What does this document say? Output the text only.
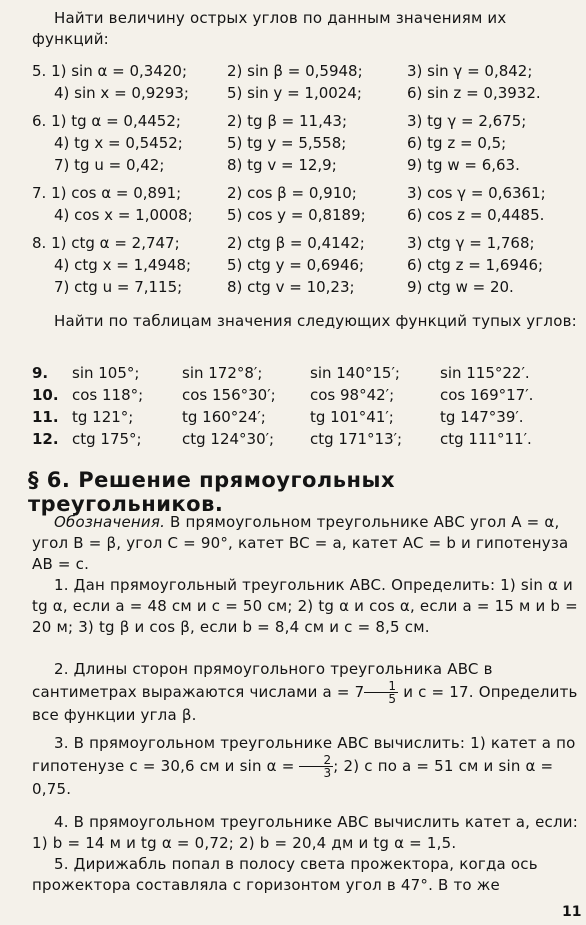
Найти величину острых углов по данным значениям их функций:
5. 1) sin α = 0,3420;	2) sin β = 0,5948;	3) sin γ = 0,842;
4) sin x = 0,9293;	5) sin y = 1,0024;	6) sin z = 0,3932.
6. 1) tg α = 0,4452;	2) tg β = 11,43;	3) tg γ = 2,675;
4) tg x = 0,5452;	5) tg y = 5,558;	6) tg z = 0,5;
7) tg u = 0,42;	8) tg v = 12,9;	9) tg w = 6,63.
7. 1) cos α = 0,891;	2) cos β = 0,910;	3) cos γ = 0,6361;
4) cos x = 1,0008; 5) cos y = 0,8189;	6) cos z = 0,4485.
8. 1) ctg α = 2,747;	2) ctg β = 0,4142;	3) ctg γ = 1,768;
4) ctg x = 1,4948; 5) ctg y = 0,6946;	6) ctg z = 1,6946;
7) ctg u = 7,115;	8) ctg v = 10,23;	9) ctg w = 20.
Найти по таблицам значения следующих функций тупых углов:
9. sin 105°;	sin 172°8′;	sin 140°15′;	sin 115°22′.
10. cos 118°;	cos 156°30′; cos 98°42′;	cos 169°17′.
11. tg 121°;	tg 160°24′;	tg 101°41′;	tg 147°39′.
12. ctg 175°;	ctg 124°30′; ctg 171°13′;	ctg 111°11′.
§ 6. Решение прямоугольных треугольников.
Обозначения. В прямоугольном треугольнике ABC угол A = α, угол B = β, угол C = 90°, катет BC = a, катет AC = b и гипотенуза AB = c.
1. Дан прямоугольный треугольник ABC. Определить: 1) sin α и tg α, если a = 48 см и c = 50 см; 2) tg α и cos α, если a = 15 м и b = 20 м; 3) tg β и cos β, если b = 8,4 см и c = 8,5 см.
2. Длины сторон прямоугольного треугольника ABC в сантиметрах выражаются числами $a = 7 \frac{1}{5}$ и c = 17. Определить все функции угла β.
3. В прямоугольном треугольнике ABC вычислить: 1) катет a по гипотенузе c = 30,6 см и $\sin \alpha = \frac{2}{3}$ ; 2) c по a = 51 см и sin α = 0,75.
4. В прямоугольном треугольнике ABC вычислить катет a, если: 1) b = 14 м и tg α = 0,72; 2) b = 20,4 дм и tg α = 1,5.
5. Дирижабль попал в полосу света прожектора, когда ось прожектора составляла с горизонтом угол в 47°. В то же
11
